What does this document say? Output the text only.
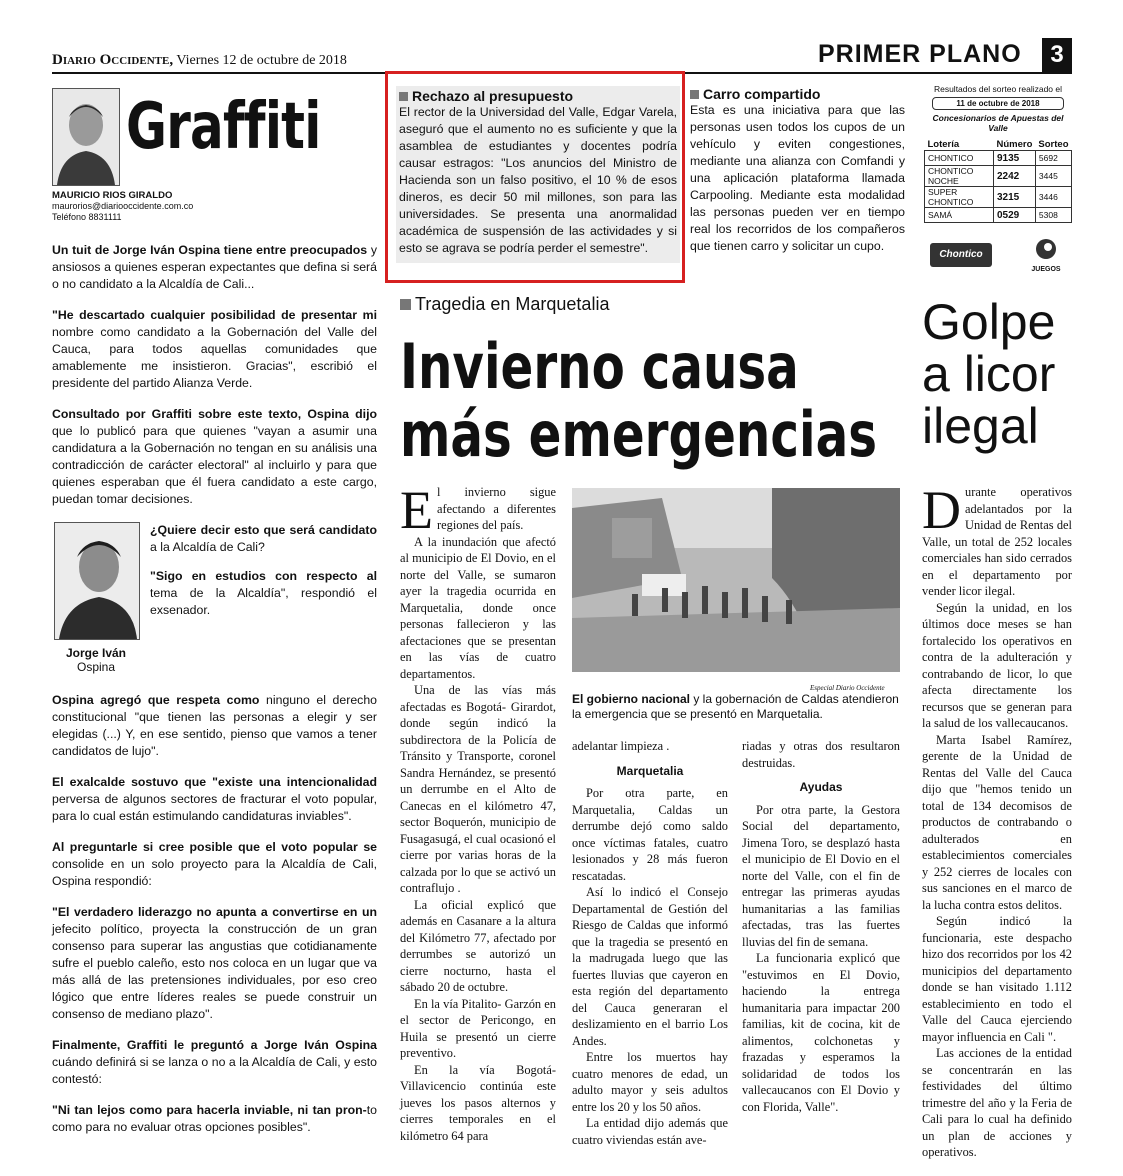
Diario Occidente, Viernes 12 de octubre de 2018	PRIMER PLANO	3
Graffiti
MAURICIO RIOS GIRALDO
maurorios@diariooccidente.com.co
Teléfono 8831111

Un tuit de Jorge Iván Ospina tiene entre preocupados y ansiosos a quienes esperan expectantes que defina si será o no candidato a la Alcaldía de Cali...

"He descartado cualquier posibilidad de presentar mi nombre como candidato a la Gobernación del Valle del Cauca, para todos aquellas comunidades que amablemente me insistieron. Gracias", escribió el presidente del partido Alianza Verde.

Consultado por Graffiti sobre este texto, Ospina dijo que lo publicó para que quienes "vayan a asumir una candidatura a la Gobernación no tengan en su análisis una contradicción de carácter electoral" al incluirlo y para que quienes esperaban que él fuera candidato a este cargo, puedan tomar decisiones.

Jorge Iván
Ospina

¿Quiere decir esto que será candidato a la Alcaldía de Cali?

"Sigo en estudios con respecto al tema de la Alcaldía", respondió el exsenador.

Ospina agregó que respeta como ninguno el derecho constitucional "que tienen las personas a elegir y ser elegidas (...) Y, en ese sentido, pienso que vamos a tener candidatos de lujo".

El exalcalde sostuvo que "existe una intencionalidad perversa de algunos sectores de fracturar el voto popular, para lo cual están estimulando candidaturas inviables".

Al preguntarle si cree posible que el voto popular se consolide en un solo proyecto para la Alcaldía de Cali, Ospina respondió:

"El verdadero liderazgo no apunta a convertirse en un jefecito político, proyecta la construcción de un gran consenso para superar las angustias que cotidianamente sufre el pueblo caleño, esto nos coloca en un lugar que va más allá de las pretensiones individuales, por eso creo lógico que entre líderes reales se puede construir un consenso de mediano plazo".

Finalmente, Graffiti le preguntó a Jorge Iván Ospina cuándo definirá si se lanza o no a la Alcaldía de Cali, y esto contestó:

"Ni tan lejos como para hacerla inviable, ni tan pron-to como para no evaluar otras opciones posibles".

Rechazo al presupuesto
El rector de la Universidad del Valle, Edgar Varela, aseguró que el aumento no es suficiente y que la asamblea de estudiantes y docentes podría causar estragos: "Los anuncios del Ministro de Hacienda son un falso positivo, el 10 % de esos dineros, es decir 50 mil millones, son para las universidades. Se presenta una anormalidad académica de suspensión de las actividades y si esto se agrava se podría perder el semestre".
Carro compartido
Esta es una iniciativa para que las personas usen todos los cupos de un vehículo y eviten congestiones, mediante una alianza con Comfandi y una aplicación plataforma llamada Carpooling. Mediante esta modalidad las personas pueden ver en tiempo real los recorridos de los compañeros que tienen carro y solicitar un cupo.
Resultados del sorteo realizado el
11 de octubre de 2018
Concesionarios de Apuestas del Valle
Lotería	Número	Sorteo
CHONTICO	9135	5692
CHONTICO NOCHE	2242	3445
SUPER CHONTICO	3215	3446
SAMÁ	0529	5308
Chontico
JUEGOS
Tragedia en Marquetalia
Invierno causa
más emergencias
El invierno sigue afectando a diferentes regiones del país.

A la inundación que afectó al municipio de El Dovio, en el norte del Valle, se sumaron ayer la tragedia ocurrida en Marquetalia, donde once personas fallecieron y las afectaciones que se presentan en las vías de cuatro departamentos.

Una de las vías más afectadas es Bogotá- Girardot, donde según indicó la subdirectora de la Policía de Tránsito y Transporte, coronel Sandra Hernández, se presentó un derrumbe en el Alto de Canecas en el kilómetro 47, sector Boquerón, municipio de Fusagasugá, el cual ocasionó el cierre por varias horas de la calzada por lo que se activó un contraflujo .

La oficial explicó que además en Casanare a la altura del Kilómetro 77, afectado por derrumbes se autorizó un cierre nocturno, hasta el sábado 20 de octubre.

En la vía Pitalito- Garzón en el sector de Pericongo, en Huila se presentó un cierre preventivo.

En la vía Bogotá- Villavicencio continúa este jueves los pasos alternos y cierres temporales en el kilómetro 64 para

Especial Diario Occidente
El gobierno nacional y la gobernación de Caldas atendieron la emergencia que se presentó en Marquetalia.

adelantar limpieza .

Marquetalia

Por otra parte, en Marquetalia, Caldas un derrumbe dejó como saldo once víctimas fatales, cuatro lesionados y 28 más fueron rescatadas.

Así lo indicó el Consejo Departamental de Gestión del Riesgo de Caldas que informó que la tragedia se presentó en la madrugada luego que las fuertes lluvias que cayeron en esta región del departamento del Cauca generaran el deslizamiento en el barrio Los Andes.

Entre los muertos hay cuatro menores de edad, un adulto mayor y seis adultos entre los 20 y los 50 años.

La entidad dijo además que cuatro viviendas están ave-

riadas y otras dos resultaron destruidas.

Ayudas

Por otra parte, la Gestora Social del departamento, Jimena Toro, se desplazó hasta el municipio de El Dovio en el norte del Valle, con el fin de entregar las primeras ayudas humanitarias a las familias afectadas, tras las fuertes lluvias del fin de semana.

La funcionaria explicó que "estuvimos en El Dovio, haciendo la entrega humanitaria para impactar 200 familias, kit de cocina, kit de alimentos, colchonetas y frazadas y esperamos la solidaridad de todos los vallecaucanos con El Dovio y con Florida, Valle".

Golpe
a licor
ilegal
Durante operativos adelantados por la Unidad de Rentas del Valle, un total de 252 locales comerciales han sido cerrados en el departamento por vender licor ilegal.

Según la unidad, en los últimos doce meses se han fortalecido los operativos en contra de la adulteración y contrabando de licor, lo que afecta directamente los recursos que se generan para la salud de los vallecaucanos.

Marta Isabel Ramírez, gerente de la Unidad de Rentas del Valle del Cauca dijo que "hemos tenido un total de 134 decomisos de productos de contrabando o adulterados en establecimientos comerciales y 252 cierres de locales con sus sanciones en el marco de la lucha contra estos delitos.

Según indicó la funcionaria, este despacho hizo dos recorridos por los 42 municipios del departamento donde se han visitado 1.112 establecimiento en todo el Valle del Cauca ejerciendo mayor influencia en Cali ".

Las acciones de la entidad se concentrarán en las festividades del último trimestre del año y la Feria de Cali para lo cual ha definido un plan de acciones y operativos.
